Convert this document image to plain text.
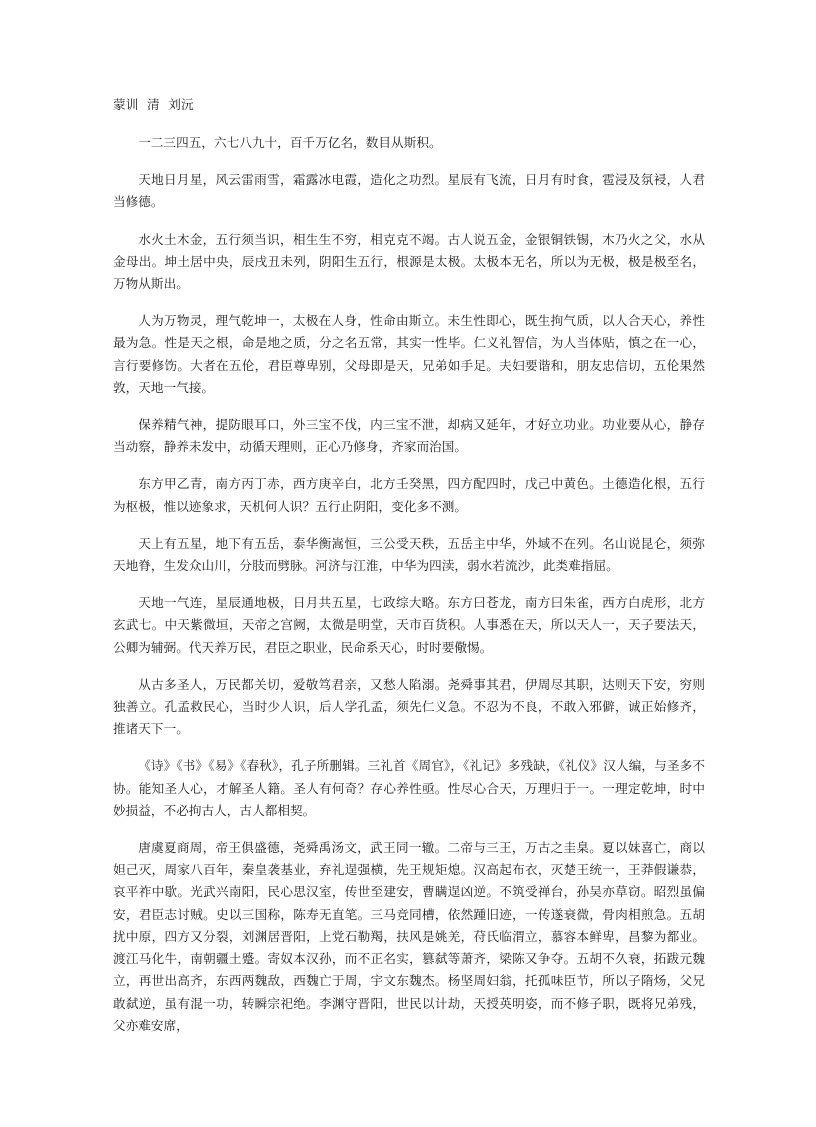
蒙训  清  刘沅

一二三四五，六七八九十，百千万亿名，数目从斯积。

天地日月星，风云雷雨雪，霜露冰电霞，造化之功烈。星辰有飞流，日月有时食，雹浸及氛祲，人君当修德。

水火土木金，五行须当识，相生生不穷，相克克不竭。古人说五金，金银铜铁锡，木乃火之父，水从金母出。坤土居中央，辰戌丑未列，阴阳生五行，根源是太极。太极本无名，所以为无极，极是极至名，万物从斯出。

人为万物灵，理气乾坤一，太极在人身，性命由斯立。未生性即心，既生拘气质，以人合天心，养性最为急。性是天之根，命是地之质，分之名五常，其实一性毕。仁义礼智信，为人当体贴，慎之在一心，言行要修饬。大者在五伦，君臣尊卑别，父母即是天，兄弟如手足。夫妇要谐和，朋友忠信切，五伦果然敦，天地一气接。

保养精气神，提防眼耳口，外三宝不伐，内三宝不泄，却病又延年，才好立功业。功业要从心，静存当动察，静养未发中，动循天理则，正心乃修身，齐家而治国。

东方甲乙青，南方丙丁赤，西方庚辛白，北方壬癸黑，四方配四时，戊己中黄色。土德造化根，五行为枢极，惟以迹象求，天机何人识？五行止阴阳，变化多不测。

天上有五星，地下有五岳，泰华衡嵩恒，三公受天秩，五岳主中华，外域不在列。名山说昆仑，须弥天地脊，生发众山川，分肢而劈脉。河济与江淮，中华为四渎，弱水若流沙，此类难指屈。

天地一气连，星辰通地极，日月共五星，七政综大略。东方曰苍龙，南方曰朱雀，西方白虎形，北方玄武七。中天紫微垣，天帝之宫阙，太微是明堂，天市百货积。人事悉在天，所以天人一，天子要法天，公卿为辅弼。代天养万民，君臣之职业，民命系天心，时时要儆惕。

从古多圣人，万民都关切，爱敬笃君亲，又愁人陷溺。尧舜事其君，伊周尽其职，达则天下安，穷则独善立。孔孟救民心，当时少人识，后人学孔孟，须先仁义急。不忍为不良，不敢入邪僻，诚正始修齐，推诸天下一。

《诗》《书》《易》《春秋》，孔子所删辑。三礼首《周官》，《礼记》多残缺，《礼仪》汉人编，与圣多不协。能知圣人心，才解圣人籍。圣人有何奇？存心养性亟。性尽心合天，万理归于一。一理定乾坤，时中妙损益，不必拘古人，古人都相契。

唐虞夏商周，帝王俱盛德，尧舜禹汤文，武王同一辙。二帝与三王，万古之圭臬。夏以妹喜亡，商以妲己灭，周家八百年，秦皇袭基业，弃礼逞强横，先王规矩熄。汉高起布衣，灭楚王统一，王莽假谦恭，哀平祚中歇。光武兴南阳，民心思汉室，传世至建安，曹瞒逞凶逆。不筑受禅台，孙吴亦草窃。昭烈虽偏安，君臣志讨贼。史以三国称，陈寿无直笔。三马竞同槽，依然踵旧迹，一传遂衰微，骨肉相煎急。五胡扰中原，四方又分裂，刘渊居晋阳，上党石勒羯，扶风是姚羌，苻氏临渭立，慕容本鲜卑，昌黎为都业。渡江马化牛，南朝疆土蹙。寄奴本汉孙，而不正名实，篡弑等萧齐，梁陈又争夺。五胡不久衰，拓跋元魏立，再世出高齐，东西两魏敌，西魏亡于周，宇文东魏杰。杨坚周妇翁，托孤味臣节，所以子隋炀，父兄敢弑逆，虽有混一功，转瞬宗祀绝。李渊守晋阳，世民以计劫，天授英明姿，而不修子职，既将兄弟残，父亦难安席，
